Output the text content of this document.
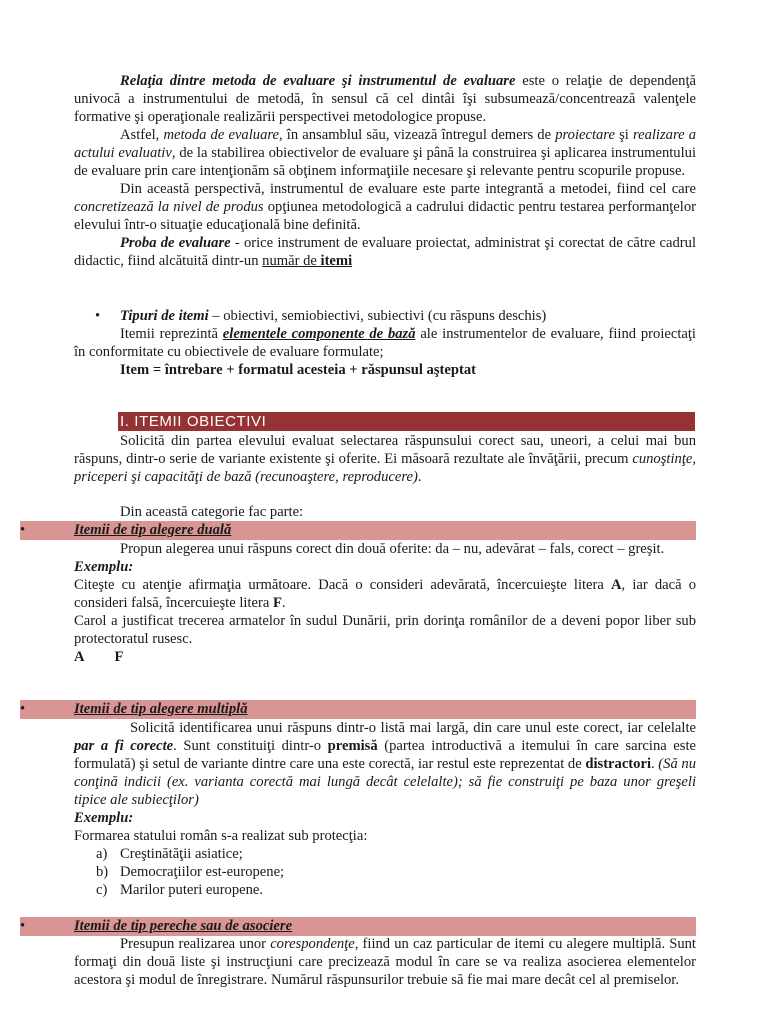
Relaţia dintre metoda de evaluare şi instrumentul de evaluare este o relaţie de dependenţă univocă a instrumentului de metodă, în sensul că cel dintâi îşi subsumează/concentrează valenţele formative şi operaţionale realizării perspectivei metodologice propuse.

Astfel, metoda de evaluare, în ansamblul său, vizează întregul demers de proiectare şi realizare a actului evaluativ, de la stabilirea obiectivelor de evaluare şi până la construirea şi aplicarea instrumentului de evaluare prin care intenţionăm să obţinem informaţiile necesare şi relevante pentru scopurile propuse.

Din această perspectivă, instrumentul de evaluare este parte integrantă a metodei, fiind cel care concretizează la nivel de produs opţiunea metodologică a cadrului didactic pentru testarea performanţelor elevului într-o situaţie educaţională bine definită.

Proba de evaluare - orice instrument de evaluare proiectat, administrat şi corectat de către cadrul didactic, fiind alcătuită dintr-un număr de itemi

• Tipuri de itemi – obiectivi, semiobiectivi, subiectivi (cu răspuns deschis)

Itemii reprezintă elementele componente de bază ale instrumentelor de evaluare, fiind proiectaţi în conformitate cu obiectivele de evaluare formulate;

Item = întrebare + formatul acesteia + răspunsul aşteptat

I. ITEMII OBIECTIVI

Solicită din partea elevului evaluat selectarea răspunsului corect sau, uneori, a celui mai bun răspuns, dintr-o serie de variante existente şi oferite. Ei măsoară rezultate ale învăţării, precum cunoştinţe, priceperi şi capacităţi de bază (recunoaştere, reproducere).

Din această categorie fac parte:

•	Itemii de tip alegere duală

Propun alegerea unui răspuns corect din două oferite: da – nu, adevărat – fals, corect – greşit.

Exemplu:

Citeşte cu atenţie afirmaţia următoare. Dacă o consideri adevărată, încercuieşte litera A, iar dacă o consideri falsă, încercuieşte litera F.

Carol a justificat trecerea armatelor în sudul Dunării, prin dorinţa românilor de a deveni popor liber sub protectoratul rusesc.

A F

•	Itemii de tip alegere multiplă

Solicită identificarea unui răspuns dintr-o listă mai largă, din care unul este corect, iar celelalte par a fi corecte. Sunt constituiţi dintr-o premisă (partea introductivă a itemului în care sarcina este formulată) şi setul de variante dintre care una este corectă, iar restul este reprezentat de distractori. (Să nu conţină indicii (ex. varianta corectă mai lungă decât celelalte); să fie construiţi pe baza unor greşeli tipice ale subiecţilor)

Exemplu:

Formarea statului român s-a realizat sub protecţia:

a) Creştinătăţii asiatice;
b) Democraţiilor est-europene;
c) Marilor puteri europene.
•	Itemii de tip pereche sau de asociere

Presupun realizarea unor corespondenţe, fiind un caz particular de itemi cu alegere multiplă. Sunt formaţi din două liste şi instrucţiuni care precizează modul în care se va realiza asocierea elementelor acestora şi modul de înregistrare. Numărul răspunsurilor trebuie să fie mai mare decât cel al premiselor.
